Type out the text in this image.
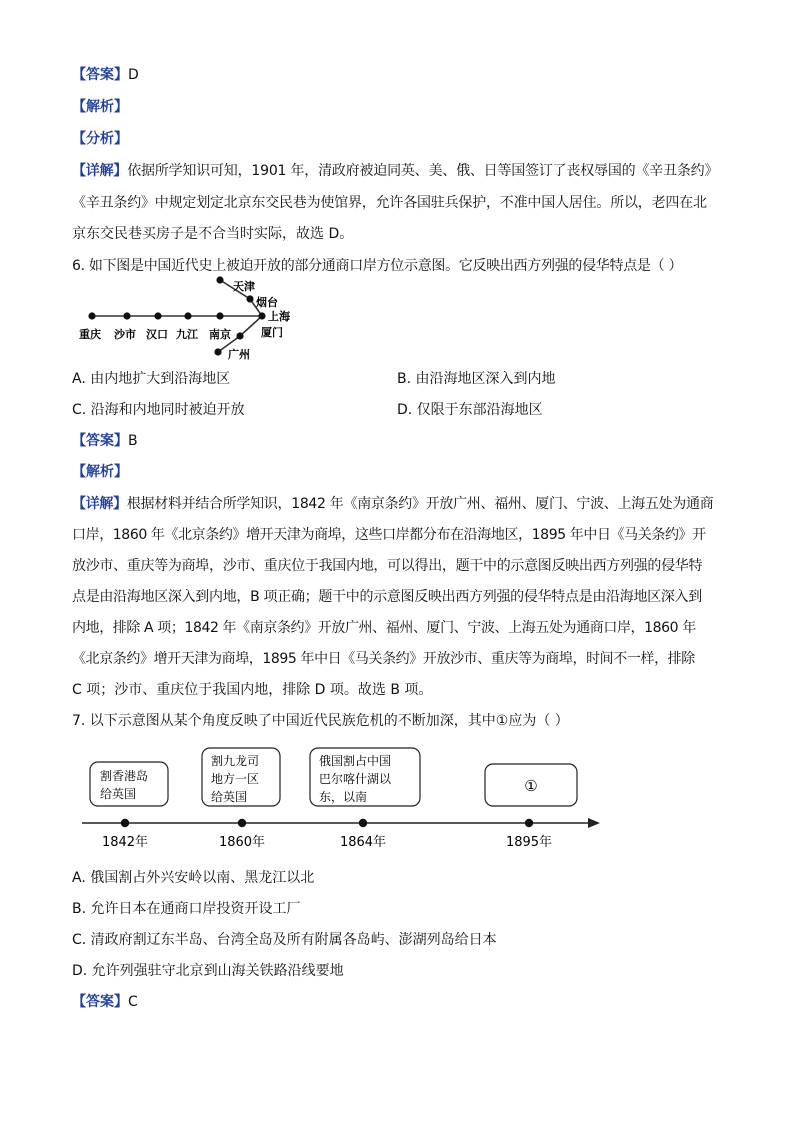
【答案】D
【解析】
【分析】
【详解】依据所学知识可知，1901 年，清政府被迫同英、美、俄、日等国签订了丧权辱国的《辛丑条约》
《辛丑条约》中规定划定北京东交民巷为使馆界，允许各国驻兵保护，不准中国人居住。所以，老四在北
京东交民巷买房子是不合当时实际，故选 D。
6. 如下图是中国近代史上被迫开放的部分通商口岸方位示意图。它反映出西方列强的侵华特点是（ ）
重庆 沙市 汉口 九江 南京
天津
烟台
上海
厦门
广州
A. 由内地扩大到沿海地区	B. 由沿海地区深入到内地
C. 沿海和内地同时被迫开放	D. 仅限于东部沿海地区
【答案】B
【解析】
【详解】根据材料并结合所学知识，1842 年《南京条约》开放广州、福州、厦门、宁波、上海五处为通商
口岸，1860 年《北京条约》增开天津为商埠，这些口岸都分布在沿海地区，1895 年中日《马关条约》开
放沙市、重庆等为商埠，沙市、重庆位于我国内地，可以得出，题干中的示意图反映出西方列强的侵华特
点是由沿海地区深入到内地，B 项正确；题干中的示意图反映出西方列强的侵华特点是由沿海地区深入到
内地，排除 A 项；1842 年《南京条约》开放广州、福州、厦门、宁波、上海五处为通商口岸，1860 年
《北京条约》增开天津为商埠，1895 年中日《马关条约》开放沙市、重庆等为商埠，时间不一样，排除
C 项；沙市、重庆位于我国内地，排除 D 项。故选 B 项。
7. 以下示意图从某个角度反映了中国近代民族危机的不断加深，其中①应为（ ）
割香港岛
给英国
割九龙司
地方一区
给英国
俄国割占中国
巴尔喀什湖以
东，以南
①
1842年	1860年	1864年	1895年
A. 俄国割占外兴安岭以南、黑龙江以北
B. 允许日本在通商口岸投资开设工厂
C. 清政府割辽东半岛、台湾全岛及所有附属各岛屿、澎湖列岛给日本
D. 允许列强驻守北京到山海关铁路沿线要地
【答案】C
